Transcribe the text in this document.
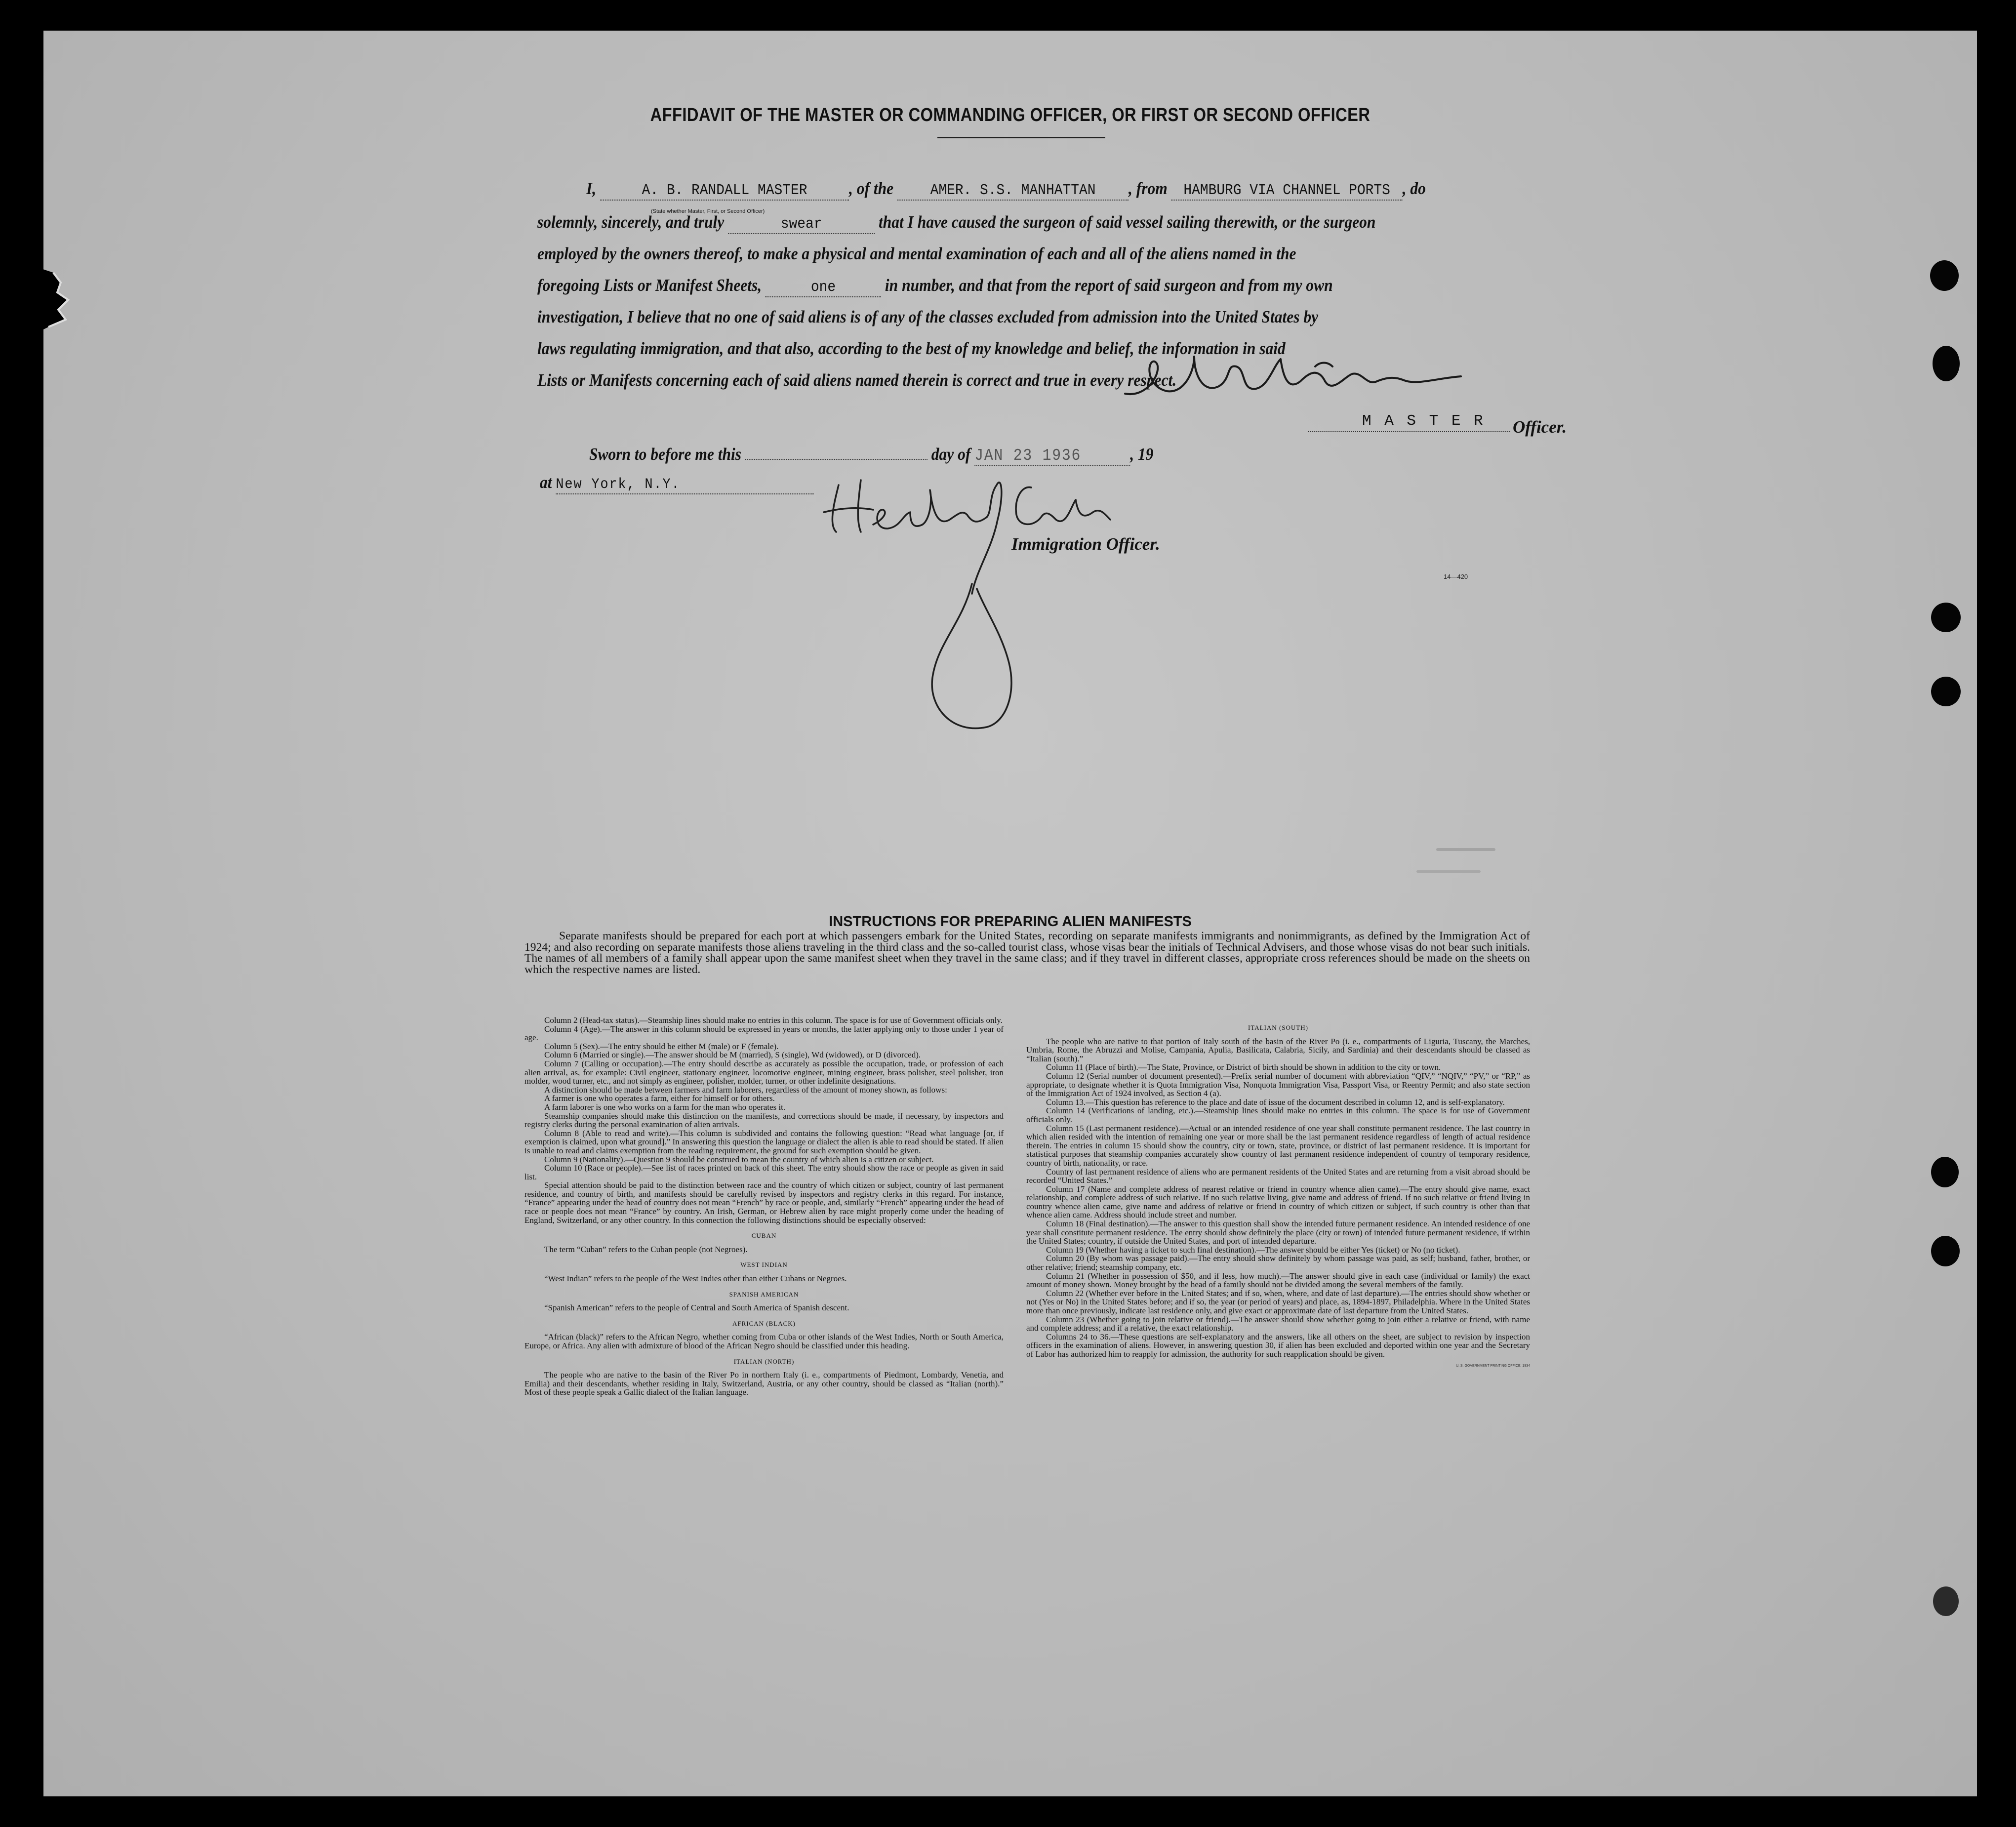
AFFIDAVIT OF THE MASTER OR COMMANDING OFFICER, OR FIRST OR SECOND OFFICER
I,	A. B. RANDALL MASTER , of the AMER. S.S. MANHATTAN , from HAMBURG VIA CHANNEL PORTS , do
(State whether Master, First, or Second Officer)
solemnly, sincerely, and truly	swear	that I have caused the surgeon of said vessel sailing therewith, or the surgeon
employed by the owners thereof, to make a physical and mental examination of each and all of the aliens named in the
foregoing Lists or Manifest Sheets,	one	in number, and that from the report of said surgeon and from my own
investigation, I believe that no one of said aliens is of any of the classes excluded from admission into the United States by
laws regulating immigration, and that also, according to the best of my knowledge and belief, the information in said
Lists or Manifests concerning each of said aliens named therein is correct and true in every respect.
M A S T E R Officer.
Sworn to before me this	day of JAN 23 1936	, 19
at New York, N.Y.
Immigration Officer.
14—420
INSTRUCTIONS FOR PREPARING ALIEN MANIFESTS
Separate manifests should be prepared for each port at which passengers embark for the United States, recording on separate manifests immigrants and nonimmigrants, as defined by the Immigration Act of 1924; and also recording on separate manifests those aliens traveling in the third class and the so-called tourist class, whose visas bear the initials of Technical Advisers, and those whose visas do not bear such initials. The names of all members of a family shall appear upon the same manifest sheet when they travel in the same class; and if they travel in different classes, appropriate cross references should be made on the sheets on which the respective names are listed.

Column 2 (Head-tax status).—Steamship lines should make no entries in this column. The space is for use of Government officials only.

Column 4 (Age).—The answer in this column should be expressed in years or months, the latter applying only to those under 1 year of age.

Column 5 (Sex).—The entry should be either M (male) or F (female).

Column 6 (Married or single).—The answer should be M (married), S (single), Wd (widowed), or D (divorced).

Column 7 (Calling or occupation).—The entry should describe as accurately as possible the occupation, trade, or profession of each alien arrival, as, for example: Civil engineer, stationary engineer, locomotive engineer, mining engineer, brass polisher, steel polisher, iron molder, wood turner, etc., and not simply as engineer, polisher, molder, turner, or other indefinite designations.

A distinction should be made between farmers and farm laborers, regardless of the amount of money shown, as follows:

A farmer is one who operates a farm, either for himself or for others.

A farm laborer is one who works on a farm for the man who operates it.

Steamship companies should make this distinction on the manifests, and corrections should be made, if necessary, by inspectors and registry clerks during the personal examination of alien arrivals.

Column 8 (Able to read and write).—This column is subdivided and contains the following question: “Read what language [or, if exemption is claimed, upon what ground].” In answering this question the language or dialect the alien is able to read should be stated. If alien is unable to read and claims exemption from the reading requirement, the ground for such exemption should be given.

Column 9 (Nationality).—Question 9 should be construed to mean the country of which alien is a citizen or subject.

Column 10 (Race or people).—See list of races printed on back of this sheet. The entry should show the race or people as given in said list.

Special attention should be paid to the distinction between race and the country of which citizen or subject, country of last permanent residence, and country of birth, and manifests should be carefully revised by inspectors and registry clerks in this regard. For instance, “France” appearing under the head of country does not mean “French” by race or people, and, similarly “French” appearing under the head of race or people does not mean “France” by country. An Irish, German, or Hebrew alien by race might properly come under the heading of England, Switzerland, or any other country. In this connection the following distinctions should be especially observed:

CUBAN

The term “Cuban” refers to the Cuban people (not Negroes).

WEST INDIAN

“West Indian” refers to the people of the West Indies other than either Cubans or Negroes.

SPANISH AMERICAN

“Spanish American” refers to the people of Central and South America of Spanish descent.

AFRICAN (BLACK)

“African (black)” refers to the African Negro, whether coming from Cuba or other islands of the West Indies, North or South America, Europe, or Africa. Any alien with admixture of blood of the African Negro should be classified under this heading.

ITALIAN (NORTH)

The people who are native to the basin of the River Po in northern Italy (i. e., compartments of Piedmont, Lombardy, Venetia, and Emilia) and their descendants, whether residing in Italy, Switzerland, Austria, or any other country, should be classed as “Italian (north).” Most of these people speak a Gallic dialect of the Italian language.

ITALIAN (SOUTH)

The people who are native to that portion of Italy south of the basin of the River Po (i. e., compartments of Liguria, Tuscany, the Marches, Umbria, Rome, the Abruzzi and Molise, Campania, Apulia, Basilicata, Calabria, Sicily, and Sardinia) and their descendants should be classed as “Italian (south).”

Column 11 (Place of birth).—The State, Province, or District of birth should be shown in addition to the city or town.

Column 12 (Serial number of document presented).—Prefix serial number of document with abbreviation “QIV,” “NQIV,” “PV,” or “RP,” as appropriate, to designate whether it is Quota Immigration Visa, Nonquota Immigration Visa, Passport Visa, or Reentry Permit; and also state section of the Immigration Act of 1924 involved, as Section 4 (a).

Column 13.—This question has reference to the place and date of issue of the document described in column 12, and is self-explanatory.

Column 14 (Verifications of landing, etc.).—Steamship lines should make no entries in this column. The space is for use of Government officials only.

Column 15 (Last permanent residence).—Actual or an intended residence of one year shall constitute permanent residence. The last country in which alien resided with the intention of remaining one year or more shall be the last permanent residence regardless of length of actual residence therein. The entries in column 15 should show the country, city or town, state, province, or district of last permanent residence. It is important for statistical purposes that steamship companies accurately show country of last permanent residence independent of country of temporary residence, country of birth, nationality, or race.

Country of last permanent residence of aliens who are permanent residents of the United States and are returning from a visit abroad should be recorded “United States.”

Column 17 (Name and complete address of nearest relative or friend in country whence alien came).—The entry should give name, exact relationship, and complete address of such relative. If no such relative living, give name and address of friend. If no such relative or friend living in country whence alien came, give name and address of relative or friend in country of which citizen or subject, if such country is other than that whence alien came. Address should include street and number.

Column 18 (Final destination).—The answer to this question shall show the intended future permanent residence. An intended residence of one year shall constitute permanent residence. The entry should show definitely the place (city or town) of intended future permanent residence, if within the United States; country, if outside the United States, and port of intended departure.

Column 19 (Whether having a ticket to such final destination).—The answer should be either Yes (ticket) or No (no ticket).

Column 20 (By whom was passage paid).—The entry should show definitely by whom passage was paid, as self; husband, father, brother, or other relative; friend; steamship company, etc.

Column 21 (Whether in possession of $50, and if less, how much).—The answer should give in each case (individual or family) the exact amount of money shown. Money brought by the head of a family should not be divided among the several members of the family.

Column 22 (Whether ever before in the United States; and if so, when, where, and date of last departure).—The entries should show whether or not (Yes or No) in the United States before; and if so, the year (or period of years) and place, as, 1894-1897, Philadelphia. Where in the United States more than once previously, indicate last residence only, and give exact or approximate date of last departure from the United States.

Column 23 (Whether going to join relative or friend).—The answer should show whether going to join either a relative or friend, with name and complete address; and if a relative, the exact relationship.

Columns 24 to 36.—These questions are self-explanatory and the answers, like all others on the sheet, are subject to revision by inspection officers in the examination of aliens. However, in answering question 30, if alien has been excluded and deported within one year and the Secretary of Labor has authorized him to reapply for admission, the authority for such reapplication should be given.

U. S. GOVERNMENT PRINTING OFFICE: 1934
